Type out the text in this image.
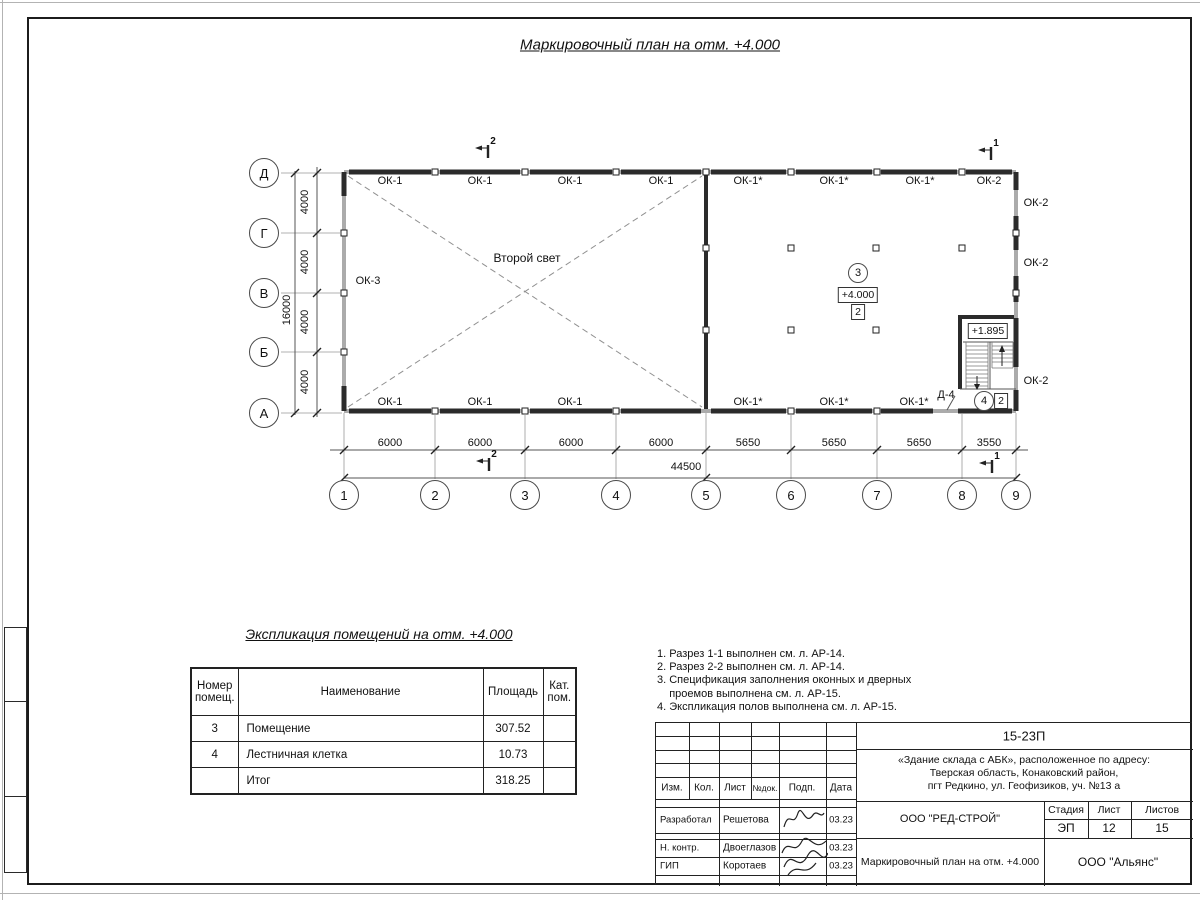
Маркировочный план на отм. +4.000
ОК-1	ОК-1	ОК-1	ОК-1	ОК-1*	ОК-1*	ОК-1*	ОК-2
ОК-2
ОК-2
ОК-2
ОК-3
ОК-1	ОК-1	ОК-1	ОК-1*	ОК-1*	ОК-1*
Д-4
Второй свет
6000	6000	6000	6000	5650	5650	5650	3550
44500
4000
4000
4000
4000
16000
2	1
2	1
+4.000
2
+1.895
2
Д
Г
В
Б
А
1	2	3	4	5	6	7	8	9
3
4
Экспликация помещений на отм. +4.000
Номер помещ.	Наименование	Площадь	Кат. пом.
3	Помещение	307.52	
4	Лестничная клетка	10.73	
	Итог	318.25	
1. Разрез 1-1 выполнен см. л. АР-14.
2. Разрез 2-2 выполнен см. л. АР-14.
3. Спецификация заполнения оконных и дверных
проемов выполнена см. л. АР-15.
4. Экспликация полов выполнена см. л. АР-15.
Изм. Кол. Лист №док. Подп. Дата
Разработал Решетова	03.23
Н. контр. Двоеглазов	03.23
ГИП	Коротаев	03.23
15-23П
«Здание склада с АБК», расположенное по адресу:
Тверская область, Конаковский район,
пгт Редкино, ул. Геофизиков, уч. №13 а
ООО "РЕД-СТРОЙ"
Стадия Лист Листов
ЭП 12	15
Маркировочный план на отм. +4.000	ООО "Альянс"
